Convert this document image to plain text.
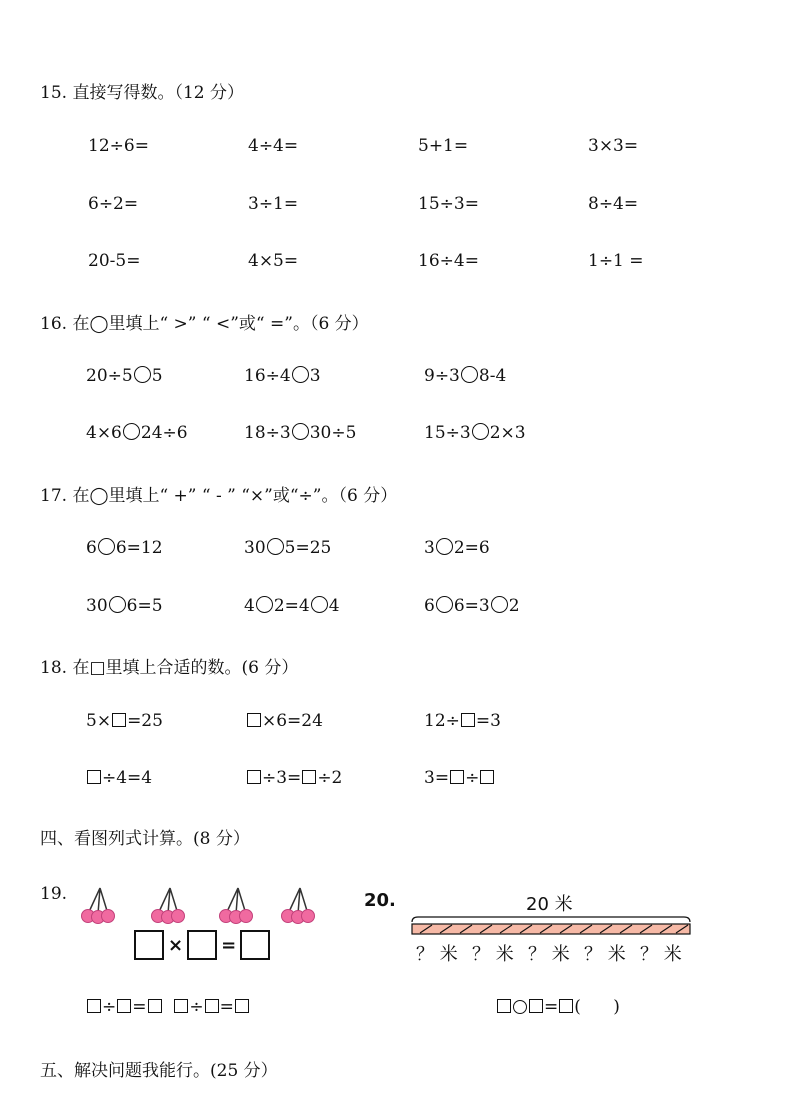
15. 直接写得数。（12 分）
12÷6=	4÷4=	5+1=	3×3=
6÷2=	3÷1=	15÷3=	8÷4=
20-5=	4×5=	16÷4=	1÷1 =
16. 在◯里填上“ >” “ <”或“ =”。（6 分）
20÷5 5	16÷4 3	9÷3 8-4
4×6 24÷6	18÷3 30÷5	15÷3 2×3
17. 在◯里填上“ +” “ - ” “×”或“÷”。（6 分）
6 6=12	30 5=25	3 2=6
30 6=5	4 2=4 4	6 6=3 2
18. 在□里填上合适的数。(6 分）
5× =25	×6=24	12÷ =3
÷4=4	÷3= ÷2	3= ÷
四、看图列式计算。(8 分）
19.
× =
÷ =	÷ =
20.	20 米
？ 米 ？ 米 ？ 米 ？ 米 ？ 米
= (      )
五、解决问题我能行。(25 分）
